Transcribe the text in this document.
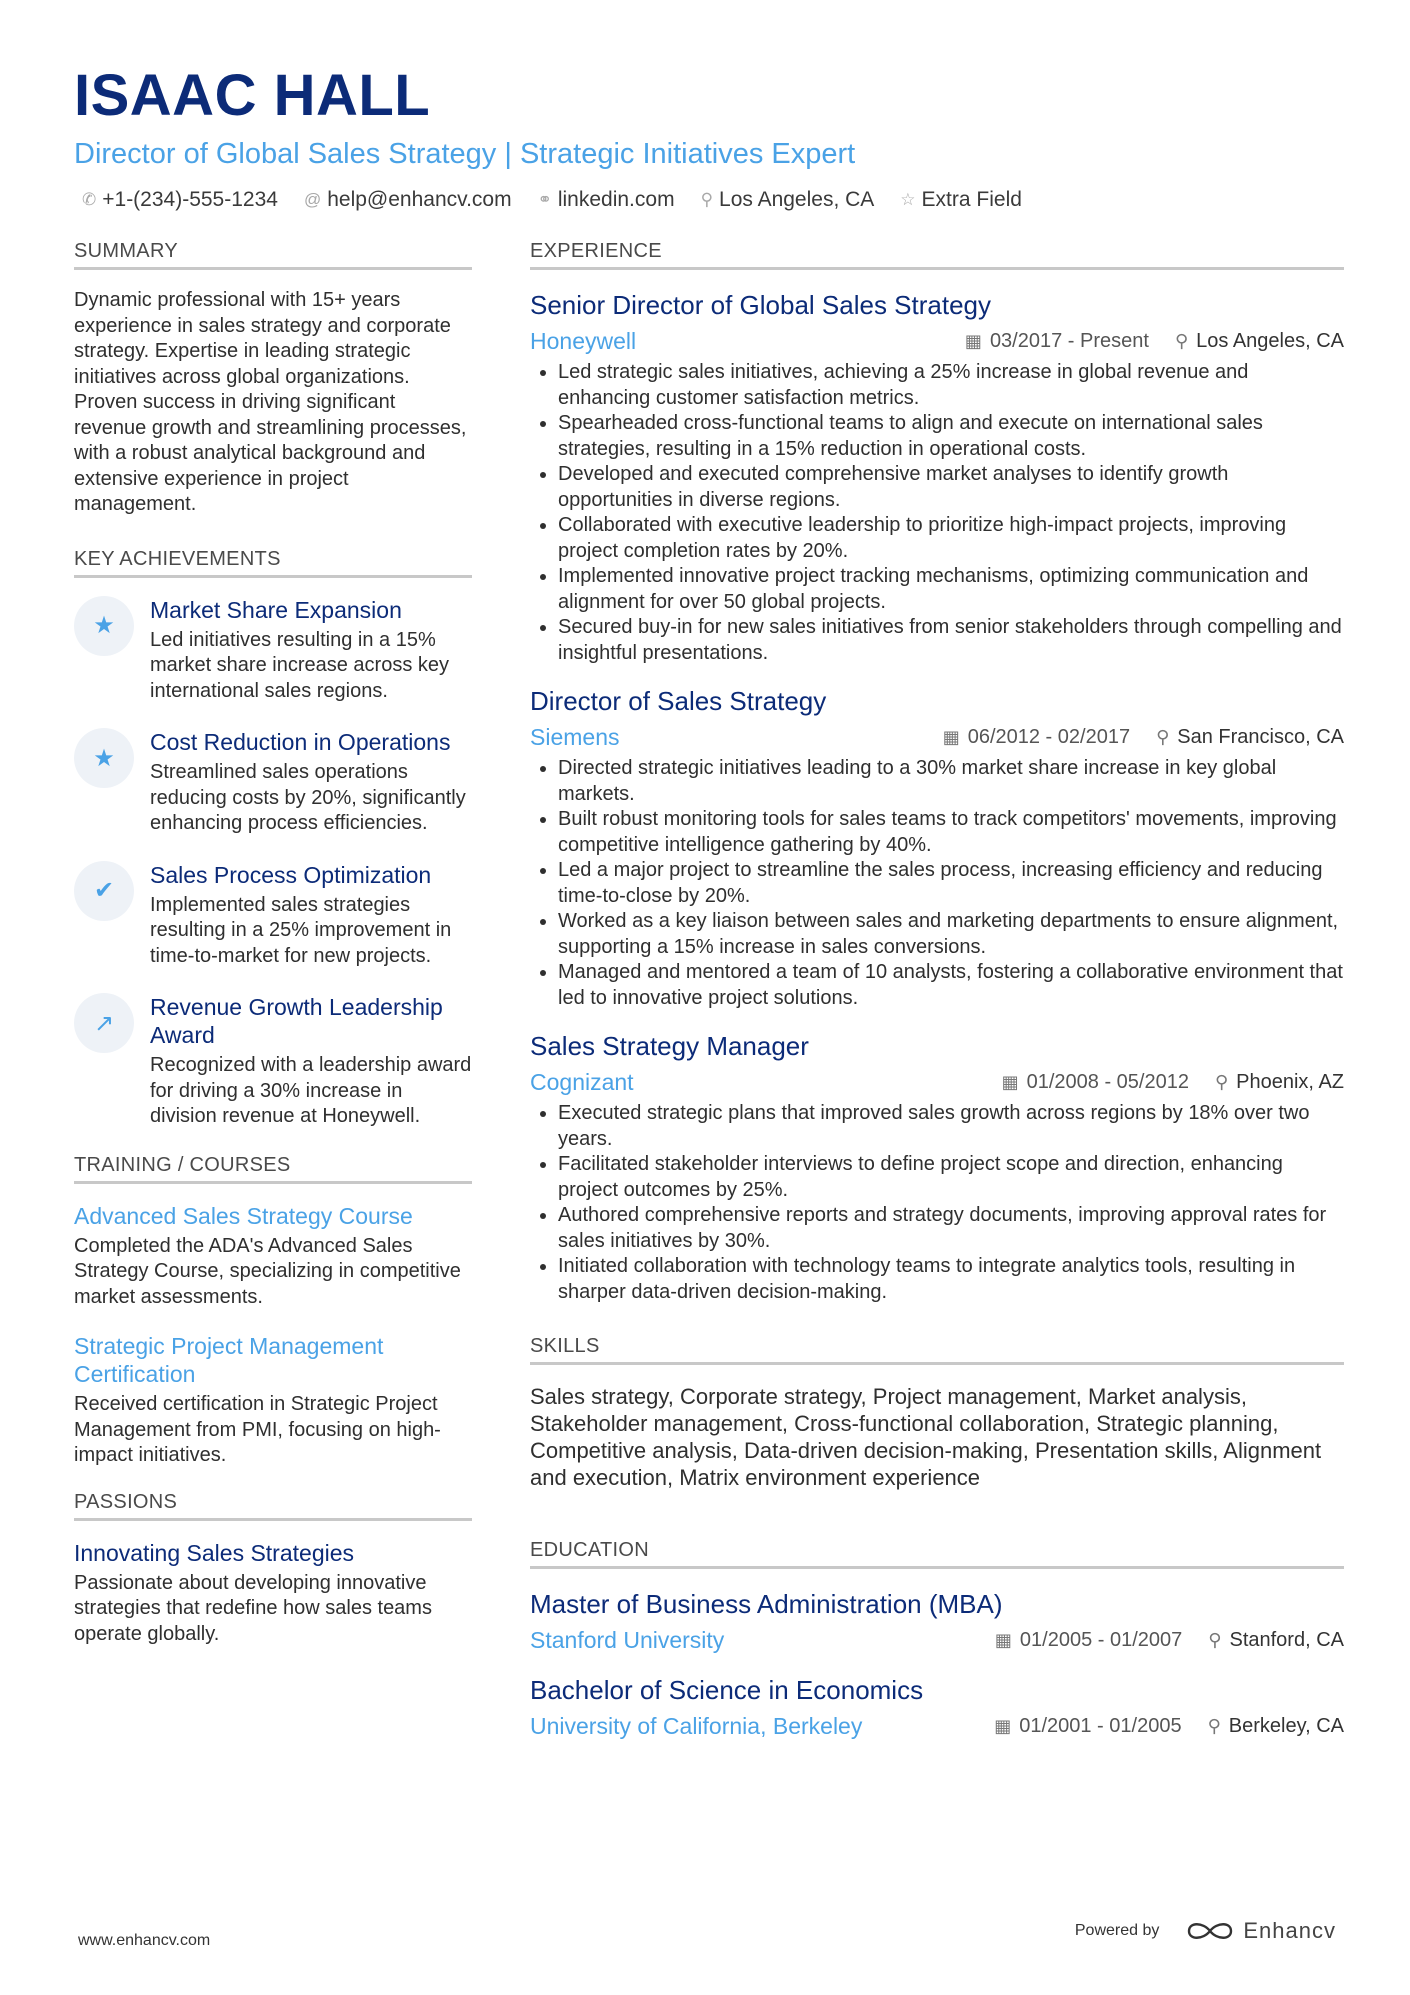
ISAAC HALL
Director of Global Sales Strategy | Strategic Initiatives Expert
✆ +1-(234)-555-1234 @ help@enhancv.com ⚭ linkedin.com ⚲ Los Angeles, CA ☆ Extra Field
SUMMARY
Dynamic professional with 15+ years experience in sales strategy and corporate strategy. Expertise in leading strategic initiatives across global organizations. Proven success in driving significant revenue growth and streamlining processes, with a robust analytical background and extensive experience in project management.
KEY ACHIEVEMENTS
★
Market Share Expansion
Led initiatives resulting in a 15% market share increase across key international sales regions.
★
Cost Reduction in Operations
Streamlined sales operations reducing costs by 20%, significantly enhancing process efficiencies.
✔
Sales Process Optimization
Implemented sales strategies resulting in a 25% improvement in time-to-market for new projects.
↗
Revenue Growth Leadership Award
Recognized with a leadership award for driving a 30% increase in division revenue at Honeywell.
TRAINING / COURSES
Advanced Sales Strategy Course
Completed the ADA's Advanced Sales Strategy Course, specializing in competitive market assessments.
Strategic Project Management Certification
Received certification in Strategic Project Management from PMI, focusing on high-impact initiatives.
PASSIONS
Innovating Sales Strategies
Passionate about developing innovative strategies that redefine how sales teams operate globally.
EXPERIENCE
Senior Director of Global Sales Strategy
Honeywell	▦ 03/2017 - Present ⚲ Los Angeles, CA
• Led strategic sales initiatives, achieving a 25% increase in global revenue and enhancing customer satisfaction metrics.
• Spearheaded cross-functional teams to align and execute on international sales strategies, resulting in a 15% reduction in operational costs.
• Developed and executed comprehensive market analyses to identify growth opportunities in diverse regions.
• Collaborated with executive leadership to prioritize high-impact projects, improving project completion rates by 20%.
• Implemented innovative project tracking mechanisms, optimizing communication and alignment for over 50 global projects.
• Secured buy-in for new sales initiatives from senior stakeholders through compelling and insightful presentations.
Director of Sales Strategy
Siemens	▦ 06/2012 - 02/2017 ⚲ San Francisco, CA
• Directed strategic initiatives leading to a 30% market share increase in key global markets.
• Built robust monitoring tools for sales teams to track competitors' movements, improving competitive intelligence gathering by 40%.
• Led a major project to streamline the sales process, increasing efficiency and reducing time-to-close by 20%.
• Worked as a key liaison between sales and marketing departments to ensure alignment, supporting a 15% increase in sales conversions.
• Managed and mentored a team of 10 analysts, fostering a collaborative environment that led to innovative project solutions.
Sales Strategy Manager
Cognizant	▦ 01/2008 - 05/2012 ⚲ Phoenix, AZ
• Executed strategic plans that improved sales growth across regions by 18% over two years.
• Facilitated stakeholder interviews to define project scope and direction, enhancing project outcomes by 25%.
• Authored comprehensive reports and strategy documents, improving approval rates for sales initiatives by 30%.
• Initiated collaboration with technology teams to integrate analytics tools, resulting in sharper data-driven decision-making.
SKILLS
Sales strategy, Corporate strategy, Project management, Market analysis, Stakeholder management, Cross-functional collaboration, Strategic planning, Competitive analysis, Data-driven decision-making, Presentation skills, Alignment and execution, Matrix environment experience
EDUCATION
Master of Business Administration (MBA)
Stanford University	▦ 01/2005 - 01/2007 ⚲ Stanford, CA
Bachelor of Science in Economics
University of California, Berkeley	▦ 01/2001 - 01/2005 ⚲ Berkeley, CA
www.enhancv.com
Powered by	Enhancv
